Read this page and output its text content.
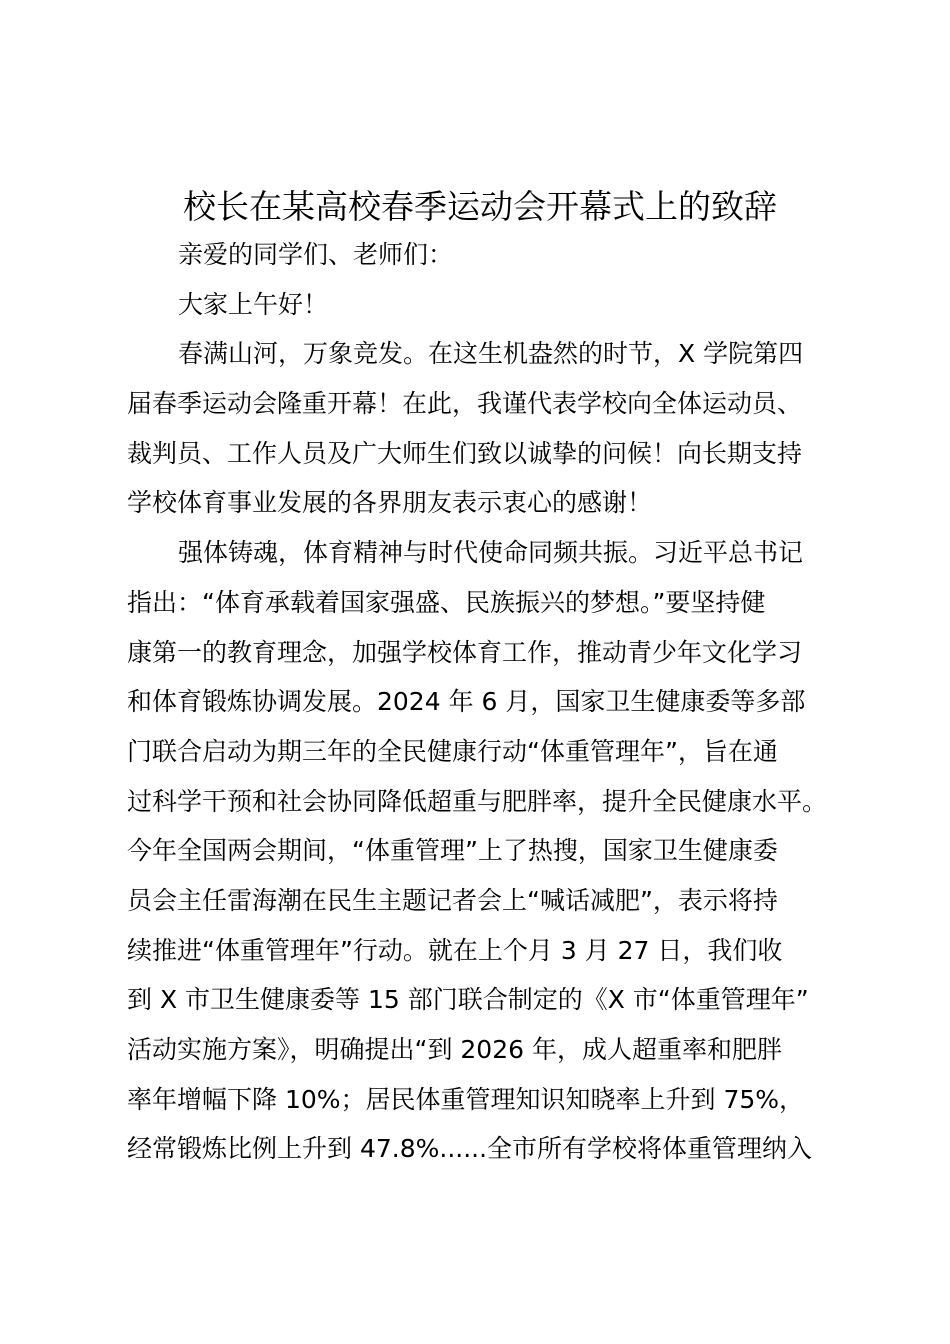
校长在某高校春季运动会开幕式上的致辞
亲爱的同学们、老师们：
大家上午好！
春满山河，万象竞发。在这生机盎然的时节，X 学院第四
届春季运动会隆重开幕！在此，我谨代表学校向全体运动员、
裁判员、工作人员及广大师生们致以诚挚的问候！向长期支持
学校体育事业发展的各界朋友表示衷心的感谢！
强体铸魂，体育精神与时代使命同频共振。习近平总书记
指出：“体育承载着国家强盛、民族振兴的梦想。”要坚持健
康第一的教育理念，加强学校体育工作，推动青少年文化学习
和体育锻炼协调发展。2024 年 6 月，国家卫生健康委等多部
门联合启动为期三年的全民健康行动“体重管理年”，旨在通
过科学干预和社会协同降低超重与肥胖率，提升全民健康水平。
今年全国两会期间，“体重管理”上了热搜，国家卫生健康委
员会主任雷海潮在民生主题记者会上“喊话减肥”，表示将持
续推进“体重管理年”行动。就在上个月 3 月 27 日，我们收
到 X 市卫生健康委等 15 部门联合制定的《X 市“体重管理年”
活动实施方案》，明确提出“到 2026 年，成人超重率和肥胖
率年增幅下降 10%；居民体重管理知识知晓率上升到 75%，
经常锻炼比例上升到 47.8%......全市所有学校将体重管理纳入
